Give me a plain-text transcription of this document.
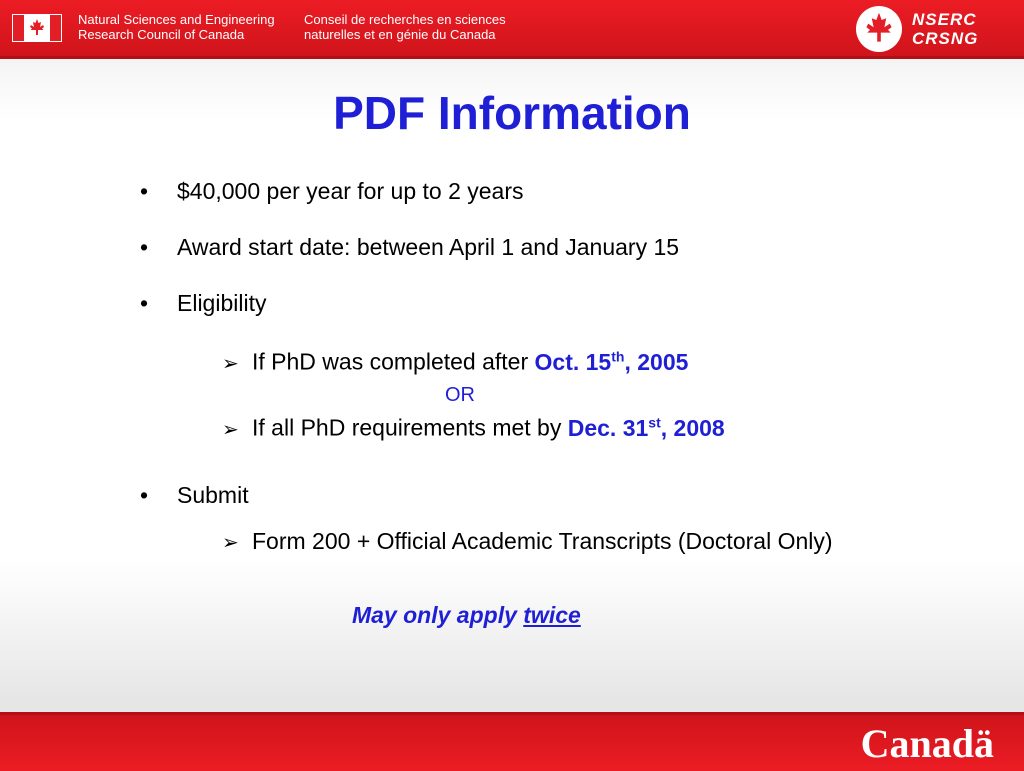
Natural Sciences and Engineering
Research Council of Canada
Conseil de recherches en sciences
naturelles et en génie du Canada
NSERC
CRSNG
PDF Information
• $40,000 per year for up to 2 years
• Award start date: between April 1 and January 15
• Eligibility
➢ If PhD was completed after Oct. 15th, 2005
OR
➢ If all PhD requirements met by Dec. 31st, 2008
• Submit
➢ Form 200 + Official Academic Transcripts (Doctoral Only)
May only apply twice
Canadä
